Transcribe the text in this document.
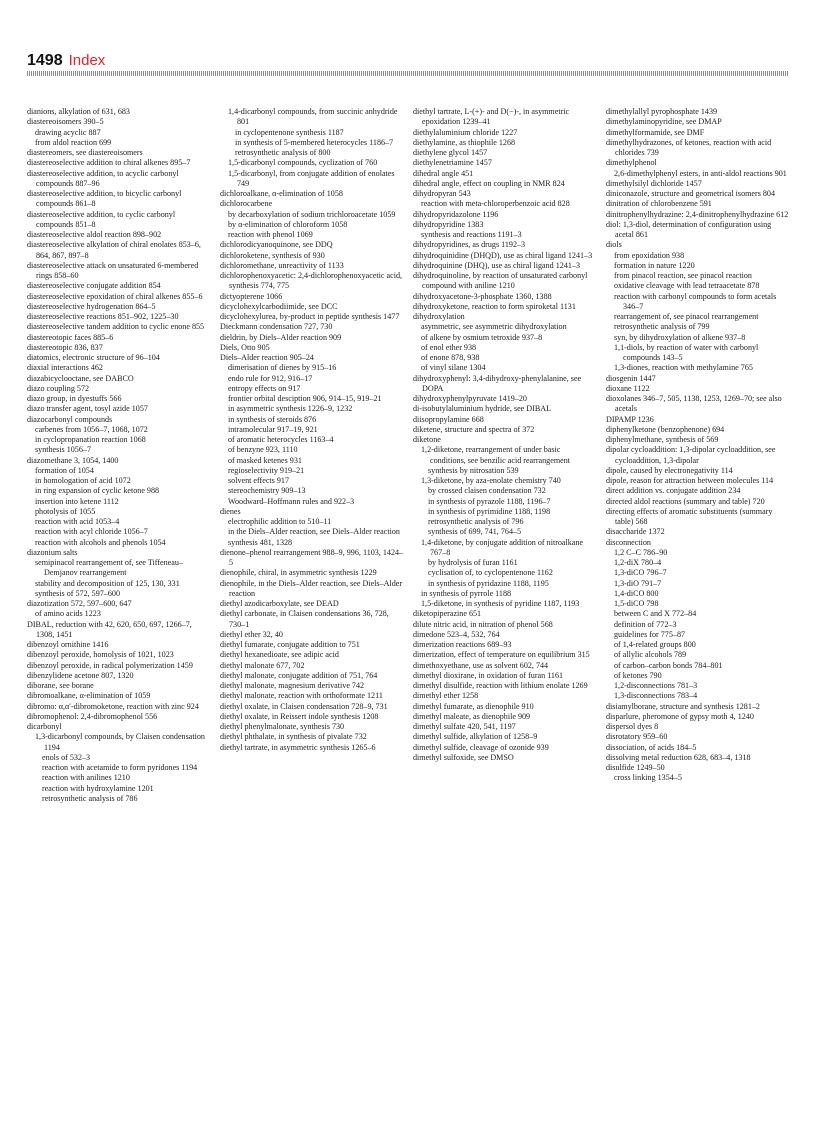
1498 Index
dianions, alkylation of 631, 683
diastereoisomers 390–5
drawing acyclic 887
from aldol reaction 699
diastereomers, see diastereoisomers
diastereoselective addition to chiral alkenes 895–7
diastereoselective addition, to acyclic carbonyl compounds 887–96
diastereoselective addition, to bicyclic carbonyl compounds 861–8
diastereoselective addition, to cyclic carbonyl compounds 851–8
diastereoselective aldol reaction 898–902
diastereoselective alkylation of chiral enolates 853–6, 864, 867, 897–8
diastereoselective attack on unsaturated 6-membered rings 858–60
diastereoselective conjugate addition 854
diastereoselective epoxidation of chiral alkenes 855–6
diastereoselective hydrogenation 864–5
diastereoselective reactions 851–902, 1225–30
diastereoselective tandem addition to cyclic enone 855
diastereotopic faces 885–6
diastereotopic 836, 837
diatomics, electronic structure of 96–104
diaxial interactions 462
diazabicyclooctane, see DABCO
diazo coupling 572
diazo group, in dyestuffs 566
diazo transfer agent, tosyl azide 1057
diazocarbonyl compounds
carbenes from 1056–7, 1068, 1072
in cyclopropanation reaction 1068
synthesis 1056–7
diazomethane 3, 1054, 1400
formation of 1054
in homologation of acid 1072
in ring expansion of cyclic ketone 988
insertion into ketene 1112
photolysis of 1055
reaction with acid 1053–4
reaction with acyl chloride 1056–7
reaction with alcohols and phenols 1054
diazonium salts
semipinacol rearrangement of, see Tiffeneau–Demjanov rearrangement
stability and decomposition of 125, 130, 331
synthesis of 572, 597–600
diazotization 572, 597–600, 647
of amino acids 1223
DIBAL, reduction with 42, 620, 650, 697, 1266–7, 1308, 1451
dibenzoyl ornithine 1416
dibenzoyl peroxide, homolysis of 1021, 1023
dibenzoyl peroxide, in radical polymerization 1459
dibenzylidene acetone 807, 1320
diborane, see borane
dibromoalkane, α-elimination of 1059
dibromo: α,α′-dibromoketone, reaction with zinc 924
dibromophenol: 2,4-dibromophenol 556
dicarbonyl
1,3-dicarbonyl compounds, by Claisen condensation 1194
enols of 532–3
reaction with acetamide to form pyridones 1194
reaction with anilines 1210
reaction with hydroxylamine 1201
retrosynthetic analysis of 786
1,4-dicarbonyl compounds, from succinic anhydride 801
in cyclopentenone synthesis 1187
in synthesis of 5-membered heterocycles 1186–7
retrosynthetic analysis of 800
1,5-dicarbonyl compounds, cyclization of 760
1,5-dicarbonyl, from conjugate addition of enolates 749
dichloroalkane, α-elimination of 1058
dichlorocarbene
by decarboxylation of sodium trichloroacetate 1059
by α-elimination of chloroform 1058
reaction with phenol 1069
dichlorodicyanoquinone, see DDQ
dichloroketene, synthesis of 930
dichloromethane, unreactivity of 1133
dichlorophenoxyacetic: 2,4-dichlorophenoxyacetic acid, synthesis 774, 775
dictyopterene 1066
dicyclohexylcarbodiimide, see DCC
dicyclohexylurea, by-product in peptide synthesis 1477
Dieckmann condensation 727, 730
dieldrin, by Diels–Alder reaction 909
Diels, Otto 905
Diels–Alder reaction 905–24
dimerisation of dienes by 915–16
endo rule for 912, 916–17
entropy effects on 917
frontier orbital desciption 906, 914–15, 919–21
in asymmetric synthesis 1226–9, 1232
in synthesis of steroids 876
intramolecular 917–19, 921
of aromatic heterocycles 1163–4
of benzyne 923, 1110
of masked ketenes 931
regioselectivity 919–21
solvent effects 917
stereochemistry 909–13
Woodward–Hoffmann rules and 922–3
dienes
electrophilic addition to 510–11
in the Diels–Alder reaction, see Diels–Alder reaction
synthesis 481, 1328
dienone–phenol rearrangement 988–9, 996, 1103, 1424–5
dienophile, chiral, in asymmetric synthesis 1229
dienophile, in the Diels–Alder reaction, see Diels–Alder reaction
diethyl azodicarboxylate, see DEAD
diethyl carbonate, in Claisen condensations 36, 728, 730–1
diethyl ether 32, 40
diethyl fumarate, conjugate addition to 751
diethyl hexanedioate, see adipic acid
diethyl malonate 677, 702
diethyl malonate, conjugate addition of 751, 764
diethyl malonate, magnesium derivative 742
diethyl malonate, reaction with orthoformate 1211
diethyl oxalate, in Claisen condensation 728–9, 731
diethyl oxalate, in Reissert indole synthesis 1208
diethyl phenylmalonate, synthesis 730
diethyl phthalate, in synthesis of pivalate 732
diethyl tartrate, in asymmetric synthesis 1265–6
diethyl tartrate, L-(+)- and D(−)-, in asymmetric epoxidation 1239–41
diethylaluminium chloride 1227
diethylamine, as thiophile 1268
diethylene glycol 1457
diethylenetriamine 1457
dihedral angle 451
dihedral angle, effect on coupling in NMR 824
dihydropyran 543
reaction with meta-chloroperbenzoic acid 828
dihydropyridazolone 1196
dihydropyridine 1383
synthesis and reactions 1191–3
dihydropyridines, as drugs 1192–3
dihydroquinidine (DHQD), use as chiral ligand 1241–3
dihydroquinine (DHQ), use as chiral ligand 1241–3
dihydroquinoline, by reaction of unsaturated carbonyl compound with aniline 1210
dihydroxyacetone-3-phosphate 1360, 1388
dihydroxyketone, reaction to form spiroketal 1131
dihydroxylation
asymmetric, see asymmetric dihydroxylation
of alkene by osmium tetroxide 937–8
of enol ether 938
of enone 878, 938
of vinyl silane 1304
dihydroxyphenyl: 3,4-dihydroxy-phenylalanine, see DOPA
dihydroxyphenylpyruvate 1419–20
di-isobutylaluminium hydride, see DIBAL
diisopropylamine 668
diketene, structure and spectra of 372
diketone
1,2-diketone, rearrangement of under basic conditions, see benzilic acid rearrangement
synthesis by nitrosation 539
1,3-diketone, by aza-enolate chemistry 740
by crossed claisen condensation 732
in synthesis of pyrazole 1188, 1196–7
in synthesis of pyrimidine 1188, 1198
retrosynthetic analysis of 796
synthesis of 699, 741, 764–5
1,4-diketone, by conjugate addition of nitroalkane 767–8
by hydrolysis of furan 1161
cyclisation of, to cyclopentenone 1162
in synthesis of pyridazine 1188, 1195
in synthesis of pyrrole 1188
1,5-diketone, in synthesis of pyridine 1187, 1193
diketopiperazine 651
dilute nitric acid, in nitration of phenol 568
dimedone 523–4, 532, 764
dimerization reactions 689–93
dimerization, effect of temperature on equilibrium 315
dimethoxyethane, use as solvent 602, 744
dimethyl dioxirane, in oxidation of furan 1161
dimethyl disulfide, reaction with lithium enolate 1269
dimethyl ether 1258
dimethyl fumarate, as dienophile 910
dimethyl maleate, as dienophile 909
dimethyl sulfate 420, 541, 1197
dimethyl sulfide, alkylation of 1258–9
dimethyl sulfide, cleavage of ozonide 939
dimethyl sulfoxide, see DMSO
dimethylallyl pyrophosphate 1439
dimethylaminopyridine, see DMAP
dimethylformamide, see DMF
dimethylhydrazones, of ketones, reaction with acid chlorides 739
dimethylphenol
2,6-dimethylphenyl esters, in anti-aldol reactions 901
dimethylsilyl dichloride 1457
diniconazole, structure and geometrical isomers 804
dinitration of chlorobenzene 591
dinitrophenylhydrazine: 2,4-dinitrophenylhydrazine 612
diol: 1,3-diol, determination of configuration using acetal 861
diols
from epoxidation 938
formation in nature 1220
from pinacol reaction, see pinacol reaction
oxidative cleavage with lead tetraacetate 878
reaction with carbonyl compounds to form acetals 346–7
rearrangement of, see pinacol rearrangement
retrosynthetic analysis of 799
syn, by dihydroxylation of alkene 937–8
1,1-diols, by reaction of water with carbonyl compounds 143–5
1,3-diones, reaction with methylamine 765
diosgenin 1447
dioxane 1122
dioxolanes 346–7, 505, 1138, 1253, 1269–70; see also acetals
DIPAMP 1236
diphenylketone (benzophenone) 694
diphenylmethane, synthesis of 569
dipolar cycloaddition: 1,3-dipolar cycloaddition, see cycloaddition, 1,3-dipolar
dipole, caused by electronegativity 114
dipole, reason for attraction between molecules 114
direct addition vs. conjugate addition 234
directed aldol reactions (summary and table) 720
directing effects of aromatic substituents (summary table) 568
disaccharide 1372
disconnection
1,2 C–C 786–90
1,2-diX 780–4
1,3-diCO 796–7
1,3-diO 791–7
1,4-diCO 800
1,5-diCO 798
between C and X 772–84
definition of 772–3
guidelines for 775–87
of 1,4-related groups 800
of allylic alcohols 789
of carbon–carbon bonds 784–801
of ketones 790
1,2-disconnections 781–3
1,3-disconnections 783–4
disiamylborane, structure and synthesis 1281–2
disparlure, pheromone of gypsy moth 4, 1240
dispersol dyes 8
disrotatory 959–60
dissociation, of acids 184–5
dissolving metal reduction 628, 683–4, 1318
disulfide 1249–50
cross linking 1354–5
